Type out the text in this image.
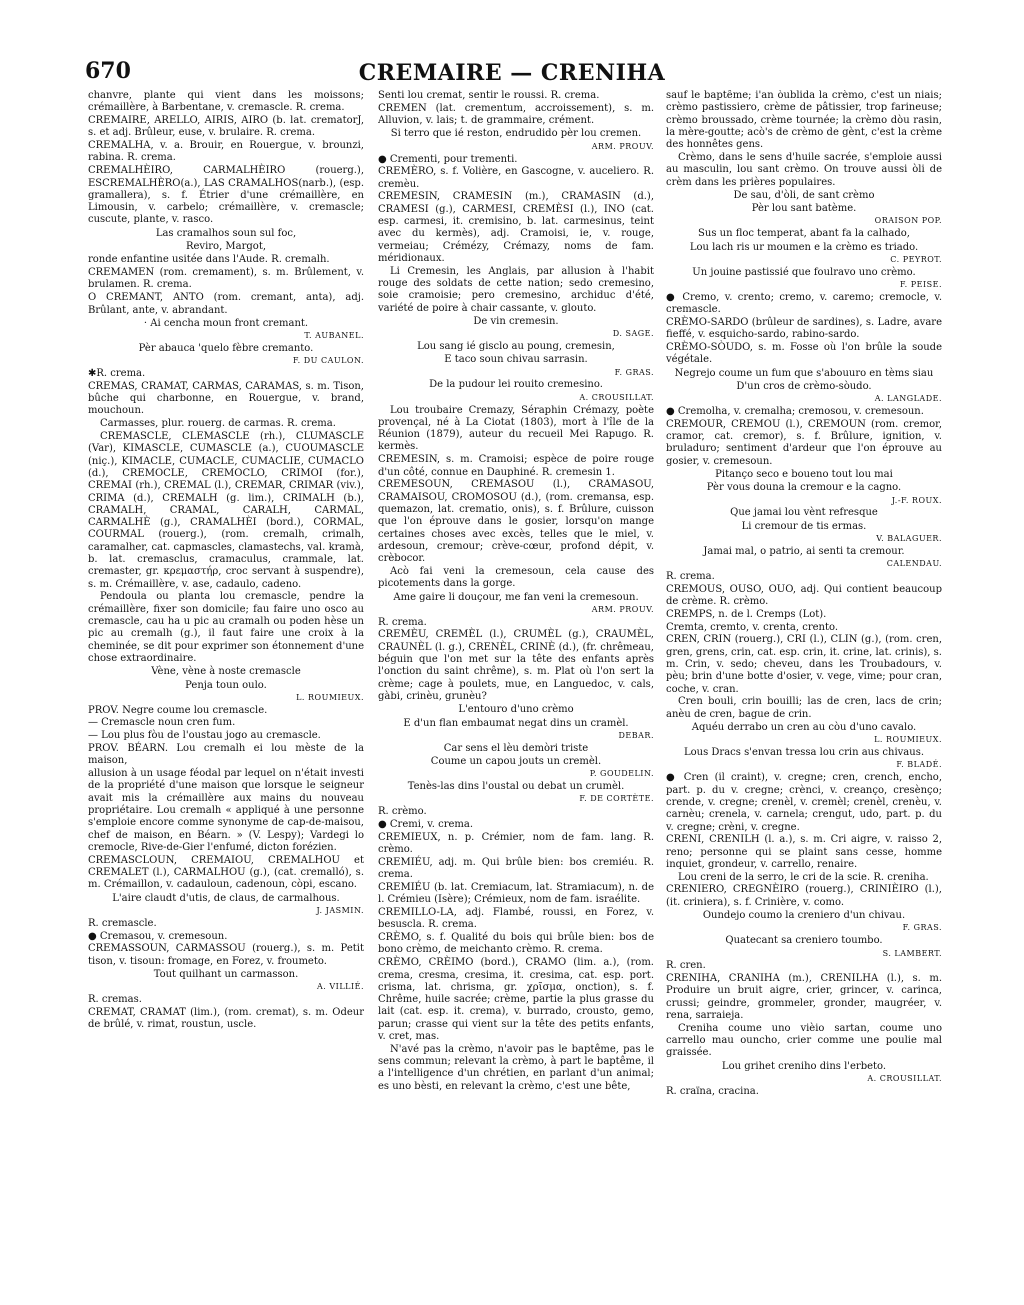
670	CREMAIRE — CRENIHA
chanvre, plante qui vient dans les moissons; crémaillère, à Barbentane, v. cremascle. R. crema.
CREMAIRE, ARELLO, AIRIS, AIRO (b. lat. crematorJ, s. et adj. Brûleur, euse, v. brulaire. R. crema.
CREMALHA, v. a. Brouir, en Rouergue, v. brounzi, rabina. R. crema.
CREMALHÈIRO, CARMALHÈIRO (rouerg.), ESCREMALHÈRO(a.), LAS CRAMALHOS(narb.), (esp. gramallera), s. f. Étrier d'une crémaillère, en Limousin, v. carbelo; crémaillère, v. cremascle; cuscute, plante, v. rasco.
Las cramalhos soun sul foc,
Reviro, Margot,
ronde enfantine usitée dans l'Aude. R. cremalh.
CREMAMEN (rom. cremament), s. m. Brûlement, v. brulamen. R. crema.
O CREMANT, ANTO (rom. cremant, anta), adj. Brûlant, ante, v. abrandant.
· Ai cencha moun front cremant.
T. AUBANEL.
Pèr abauca 'quelo fèbre cremanto.
F. DU CAULON.
✱R. crema.
CREMAS, CRAMAT, CARMAS, CARAMAS, s. m. Tison, bûche qui charbonne, en Rouergue, v. brand, mouchoun.
Carmasses, plur. rouerg. de carmas. R. crema.
CREMASCLE, CLEMASCLE (rh.), CLUMASCLE (Var), KIMASCLE, CUMASCLE (a.), CUOUMASCLE (niç.), KIMACLE, CUMACLE, CUMACLIE, CUMACLO (d.), CREMOCLE, CREMOCLO, CRIMOI (for.), CREMAI (rh.), CREMAL (l.), CREMAR, CRIMAR (viv.), CRIMA (d.), CREMALH (g. lim.), CRIMALH (b.), CRAMALH, CRAMAL, CARALH, CARMAL, CARMALHÈ (g.), CRAMALHÈI (bord.), CORMAL, COURMAL (rouerg.), (rom. cremalh, crimalh, caramalher, cat. capmascles, clamastechs, val. kramà, b. lat. cremasclus, cramaculus, crammale, lat. cremaster, gr. κρεμαστήρ, croc servant à suspendre), s. m. Crémaillère, v. ase, cadaulo, cadeno.
Pendoula ou planta lou cremascle, pendre la crémaillère, fixer son domicile; fau faire uno osco au cremascle, cau ha u pic au cramalh ou poden hèse un pic au cremalh (g.), il faut faire une croix à la cheminée, se dit pour exprimer son étonnement d'une chose extraordinaire.
Vène, vène à noste cremascle
Penja toun oulo.
L. ROUMIEUX.
PROV. Negre coume lou cremascle.
— Cremascle noun cren fum.
— Lou plus fòu de l'oustau jogo au cremascle.
PROV. BÉARN. Lou cremalh ei lou mèste de la maison,
allusion à un usage féodal par lequel on n'était investi de la propriété d'une maison que lorsque le seigneur avait mis la crémaillère aux mains du nouveau propriétaire. Lou cremalh « appliqué à une personne s'emploie encore comme synonyme de cap-de-maisou, chef de maison, en Béarn. » (V. Lespy); Vardegi lo cremocle, Rive-de-Gier l'enfumé, dicton forézien.
CREMASCLOUN, CREMAIOU, CREMALHOU et CREMALET (l.), CARMALHOU (g.), (cat. cremalló), s. m. Crémaillon, v. cadauloun, cadenoun, còpi, escano.
L'aire claudt d'utis, de claus, de carmalhous.
J. JASMIN.
R. cremascle.
● Cremasou, v. cremesoun.
CREMASSOUN, CARMASSOU (rouerg.), s. m. Petit tison, v. tisoun: fromage, en Forez, v. froumeto.
Tout quilhant un carmasson.
A. VILLIÉ.
R. cremas.
CREMAT, CRAMAT (lim.), (rom. cremat), s. m. Odeur de brûlé, v. rimat, roustun, uscle.
Senti lou cremat, sentir le roussi. R. crema.
CREMEN (lat. crementum, accroissement), s. m. Alluvion, v. lais; t. de grammaire, crément.
Si terro que ié reston, endrudido pèr lou cremen.
ARM. PROUV.
● Crementi, pour trementi.
CREMÈRO, s. f. Volière, en Gascogne, v. auceliero. R. cremèu.
CREMESIN, CRAMESIN (m.), CRAMASIN (d.), CRAMESI (g.), CARMESI, CREMÈSI (l.), INO (cat. esp. carmesi, it. cremisino, b. lat. carmesinus, teint avec du kermès), adj. Cramoisi, ie, v. rouge, vermeiau; Crémézy, Crémazy, noms de fam. méridionaux.
Li Cremesin, les Anglais, par allusion à l'habit rouge des soldats de cette nation; sedo cremesino, soie cramoisie; pero cremesino, archiduc d'été, variété de poire à chair cassante, v. glouto.
De vin cremesin.
D. SAGE.
Lou sang ié gisclo au poung, cremesin,
E taco soun chivau sarrasin.
F. GRAS.
De la pudour lei rouito cremesino.
A. CROUSILLAT.
Lou troubaire Cremazy, Séraphin Crémazy, poète provençal, né à La Ciotat (1803), mort à l'île de la Réunion (1879), auteur du recueil Mei Rapugo. R. kermès.
CREMESIN, s. m. Cramoisi; espèce de poire rouge d'un côté, connue en Dauphiné. R. cremesin 1.
CREMESOUN, CREMASOU (l.), CRAMASOU, CRAMAISOU, CROMOSOU (d.), (rom. cremansa, esp. quemazon, lat. crematio, onis), s. f. Brûlure, cuisson que l'on éprouve dans le gosier, lorsqu'on mange certaines choses avec excès, telles que le miel, v. ardesoun, cremour; crève-cœur, profond dépit, v. crèbocor.
Acò fai veni la cremesoun, cela cause des picotements dans la gorge.
Ame gaire li douçour, me fan veni la cremesoun.
ARM. PROUV.
R. crema.
CREMÈU, CREMÈL (l.), CRUMÈL (g.), CRAUMÈL, CRAUNÈL (l. g.), CRENÈL, CRINÈ (d.), (fr. chrêmeau, béguin que l'on met sur la tête des enfants après l'onction du saint chrême), s. m. Plat où l'on sert la crème; cage à poulets, mue, en Languedoc, v. cals, gàbi, crinèu, grunèu?
L'entouro d'uno crèmo
E d'un flan embaumat negat dins un cramèl.
DEBAR.
Car sens el lèu demòri triste
Coume un capou jouts un cremèl.
P. GOUDELIN.
Tenès-las dins l'oustal ou debat un crumèl.
F. DE CORTÈTE.
R. crèmo.
● Cremi, v. crema.
CREMIEUX, n. p. Crémier, nom de fam. lang. R. crèmo.
CREMIÉU, adj. m. Qui brûle bien: bos cremiéu. R. crema.
CREMIÉU (b. lat. Cremiacum, lat. Stramiacum), n. de l. Crémieu (Isère); Crémieux, nom de fam. israélite.
CREMILLO-LA, adj. Flambé, roussi, en Forez, v. besuscla. R. crema.
CRÈMO, s. f. Qualité du bois qui brûle bien: bos de bono crèmo, de meichanto crèmo. R. crema.
CRÈMO, CRÈIMO (bord.), CRAMO (lim. a.), (rom. crema, cresma, cresima, it. cresima, cat. esp. port. crisma, lat. chrisma, gr. χρῖσμα, onction), s. f. Chrême, huile sacrée; crème, partie la plus grasse du lait (cat. esp. it. crema), v. burrado, crousto, gemo, parun; crasse qui vient sur la tête des petits enfants, v. cret, mas.
N'avé pas la crèmo, n'avoir pas le baptême, pas le sens commun; relevant la crèmo, à part le baptême, il a l'intelligence d'un chrétien, en parlant d'un animal; es uno bèsti, en relevant la crèmo, c'est une bête,
sauf le baptême; i'an òublida la crèmo, c'est un niais; crèmo pastissiero, crème de pâtissier, trop farineuse; crèmo broussado, crème tournée; la crèmo dòu rasin, la mère-goutte; acò's de crèmo de gènt, c'est la crème des honnêtes gens.
Crèmo, dans le sens d'huile sacrée, s'emploie aussi au masculin, lou sant crèmo. On trouve aussi òli de crèm dans les prières populaires.
De sau, d'òli, de sant crèmo
Pèr lou sant batème.
ORAISON POP.
Sus un floc temperat, abant fa la calhado,
Lou lach ris ur moumen e la crèmo es triado.
C. PEYROT.
Un jouine pastissié que foulravo uno crèmo.
F. PEISE.
● Cremo, v. crento; cremo, v. caremo; cremocle, v. cremascle.
CRÈMO-SARDO (brûleur de sardines), s. Ladre, avare fieffé, v. esquicho-sardo, rabino-sardo.
CRÈMO-SÒUDO, s. m. Fosse où l'on brûle la soude végétale.
Negrejo coume un fum que s'abouuro en tèms siau
D'un cros de crèmo-sòudo.
A. LANGLADE.
● Cremolha, v. cremalha; cremosou, v. cremesoun.
CREMOUR, CREMOU (l.), CREMOUN (rom. cremor, cramor, cat. cremor), s. f. Brûlure, ignition, v. bruladuro; sentiment d'ardeur que l'on éprouve au gosier, v. cremesoun.
Pitanço seco e boueno tout lou mai
Pèr vous douna la cremour e la cagno.
J.-F. ROUX.
Que jamai lou vènt refresque
Li cremour de tis ermas.
V. BALAGUER.
Jamai mal, o patrio, ai senti ta cremour.
CALENDAU.
R. crema.
CREMOUS, OUSO, OUO, adj. Qui contient beaucoup de crème. R. crèmo.
CREMPS, n. de l. Cremps (Lot).
Cremta, cremto, v. crenta, crento.
CREN, CRIN (rouerg.), CRI (l.), CLIN (g.), (rom. cren, gren, grens, crin, cat. esp. crin, it. crine, lat. crinis), s. m. Crin, v. sedo; cheveu, dans les Troubadours, v. pèu; brin d'une botte d'osier, v. vege, vime; pour cran, coche, v. cran.
Cren bouli, crin bouilli; las de cren, lacs de crin; anèu de cren, bague de crin.
Aquéu derrabo un cren au còu d'uno cavalo.
L. ROUMIEUX.
Lous Dracs s'envan tressa lou crin aus chivaus.
F. BLADÉ.
● Cren (il craint), v. cregne; cren, crench, encho, part. p. du v. cregne; crènci, v. creanço, cresènço; crende, v. cregne; crenèl, v. cremèl; crenèl, crenèu, v. carnèu; crenela, v. carnela; crengut, udo, part. p. du v. cregne; crèni, v. cregne.
CRENI, CRENILH (l. a.), s. m. Cri aigre, v. raisso 2, reno; personne qui se plaint sans cesse, homme inquiet, grondeur, v. carrello, renaire.
Lou creni de la serro, le cri de la scie. R. creniha.
CRENIERO, CREGNÈIRO (rouerg.), CRINIÈIRO (l.), (it. criniera), s. f. Crinière, v. como.
Oundejo coumo la creniero d'un chivau.
F. GRAS.
Quatecant sa creniero toumbo.
S. LAMBERT.
R. cren.
CRENIHA, CRANIHA (m.), CRENILHA (l.), s. m. Produire un bruit aigre, crier, grincer, v. carinca, crussi; geindre, grommeler, gronder, maugréer, v. rena, sarraieja.
Creniha coume uno vièio sartan, coume uno carrello mau ouncho, crier comme une poulie mal graissée.
Lou grihet creniho dins l'erbeto.
A. CROUSILLAT.
R. craïna, cracina.
